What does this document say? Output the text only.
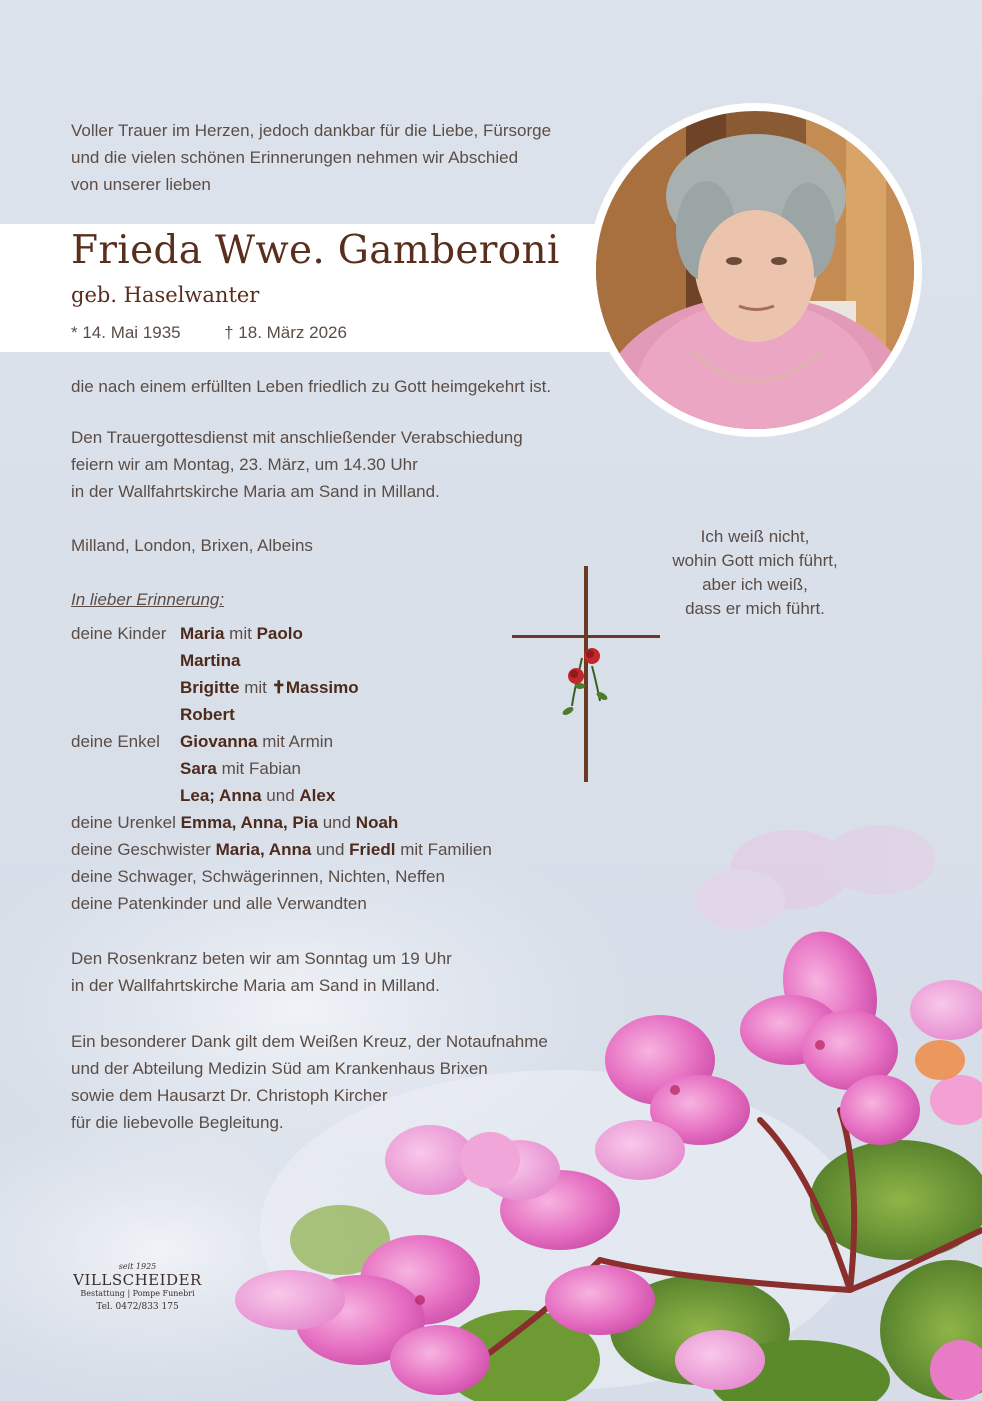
Voller Trauer im Herzen, jedoch dankbar für die Liebe, Fürsorge
und die vielen schönen Erinnerungen nehmen wir Abschied
von unserer lieben
Frieda Wwe. Gamberoni
geb. Haselwanter
* 14. Mai 1935	† 18. März 2026
die nach einem erfüllten Leben friedlich zu Gott heimgekehrt ist.
Den Trauergottesdienst mit anschließender Verabschiedung
feiern wir am Montag, 23. März, um 14.30 Uhr
in der Wallfahrtskirche Maria am Sand in Milland.
Milland, London, Brixen, Albeins
In lieber Erinnerung:
Ich weiß nicht,
wohin Gott mich führt,
aber ich weiß,
dass er mich führt.
deine Kinder Maria mit Paolo
Martina
Brigitte mit ✝Massimo
Robert
deine Enkel Giovanna mit Armin
Sara mit Fabian
Lea; Anna und Alex
deine Urenkel Emma, Anna, Pia und Noah
deine Geschwister Maria, Anna und Friedl mit Familien
deine Schwager, Schwägerinnen, Nichten, Neffen
deine Patenkinder und alle Verwandten
Den Rosenkranz beten wir am Sonntag um 19 Uhr
in der Wallfahrtskirche Maria am Sand in Milland.
Ein besonderer Dank gilt dem Weißen Kreuz, der Notaufnahme
und der Abteilung Medizin Süd am Krankenhaus Brixen
sowie dem Hausarzt Dr. Christoph Kircher
für die liebevolle Begleitung.
seit 1925
VILLSCHEIDER
Bestattung | Pompe Funebri
Tel. 0472/833 175
